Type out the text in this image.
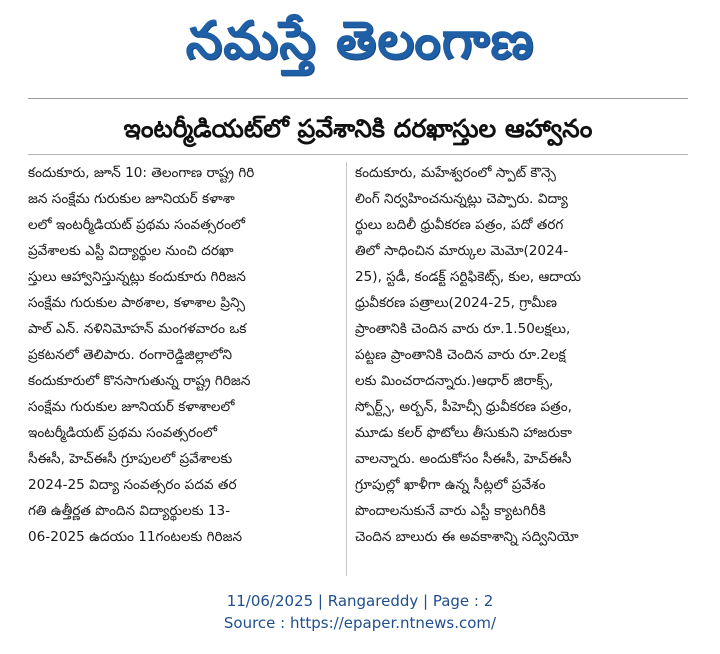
నమస్తే తెలంగాణ
ఇంటర్మీడియట్‌లో ప్రవేశానికి దరఖాస్తుల ఆహ్వానం
కందుకూరు, జూన్ 10: తెలంగాణ రాష్ట్ర గిరి
జన సంక్షేమ గురుకుల జూనియర్ కళాశా
లలో ఇంటర్మీడియట్ ప్రథమ సంవత్సరంలో
ప్రవేశాలకు ఎస్టీ విద్యార్థుల నుంచి దరఖా
స్తులు ఆహ్వానిస్తున్నట్లు కందుకూరు గిరిజన
సంక్షేమ గురుకుల పాఠశాల, కళాశాల ప్రిన్సి
పాల్ ఎన్. నళినిమోహన్ మంగళవారం ఒక
ప్రకటనలో తెలిపారు. రంగారెడ్డిజిల్లాలోని
కందుకూరులో కొనసాగుతున్న రాష్ట్ర గిరిజన
సంక్షేమ గురుకుల జూనియర్ కళాశాలలో
ఇంటర్మీడియట్ ప్రథమ సంవత్సరంలో
సీఈసీ, హెచ్ఈసీ గ్రూపులలో ప్రవేశాలకు
2024-25 విద్యా సంవత్సరం పదవ తర
గతి ఉత్తీర్ణత పొందిన విద్యార్థులకు 13-
06-2025 ఉదయం 11గంటలకు గిరిజన
కందుకూరు, మహేశ్వరంలో స్పాట్ కౌన్సె
లింగ్ నిర్వహించనున్నట్లు చెప్పారు. విద్యా
ర్థులు బదిలీ ధ్రువీకరణ పత్రం, పదో తరగ
తిలో సాధించిన మార్కుల మెమో(2024-
25), స్టడీ, కండక్ట్ సర్టిఫికెట్స్, కుల, ఆదాయ
ధ్రువీకరణ పత్రాలు(2024-25, గ్రామీణ
ప్రాంతానికి చెందిన వారు రూ.1.50లక్షలు,
పట్టణ ప్రాంతానికి చెందిన వారు రూ.2లక్ష
లకు మించరాదన్నారు.)ఆధార్ జిరాక్స్,
స్పోర్ట్స్, అర్బన్, పీహెచ్సీ ధ్రువీకరణ పత్రం,
మూడు కలర్ ఫొటోలు తీసుకుని హాజరుకా
వాలన్నారు. అందుకోసం సీఈసీ, హెచ్ఈసీ
గ్రూపుల్లో ఖాళీగా ఉన్న సీట్లలో ప్రవేశం
పొందాలనుకునే వారు ఎస్టీ క్యాటగిరీకి
చెందిన బాలురు ఈ అవకాశాన్ని సద్వినియో
11/06/2025 | Rangareddy | Page : 2
Source : https://epaper.ntnews.com/
